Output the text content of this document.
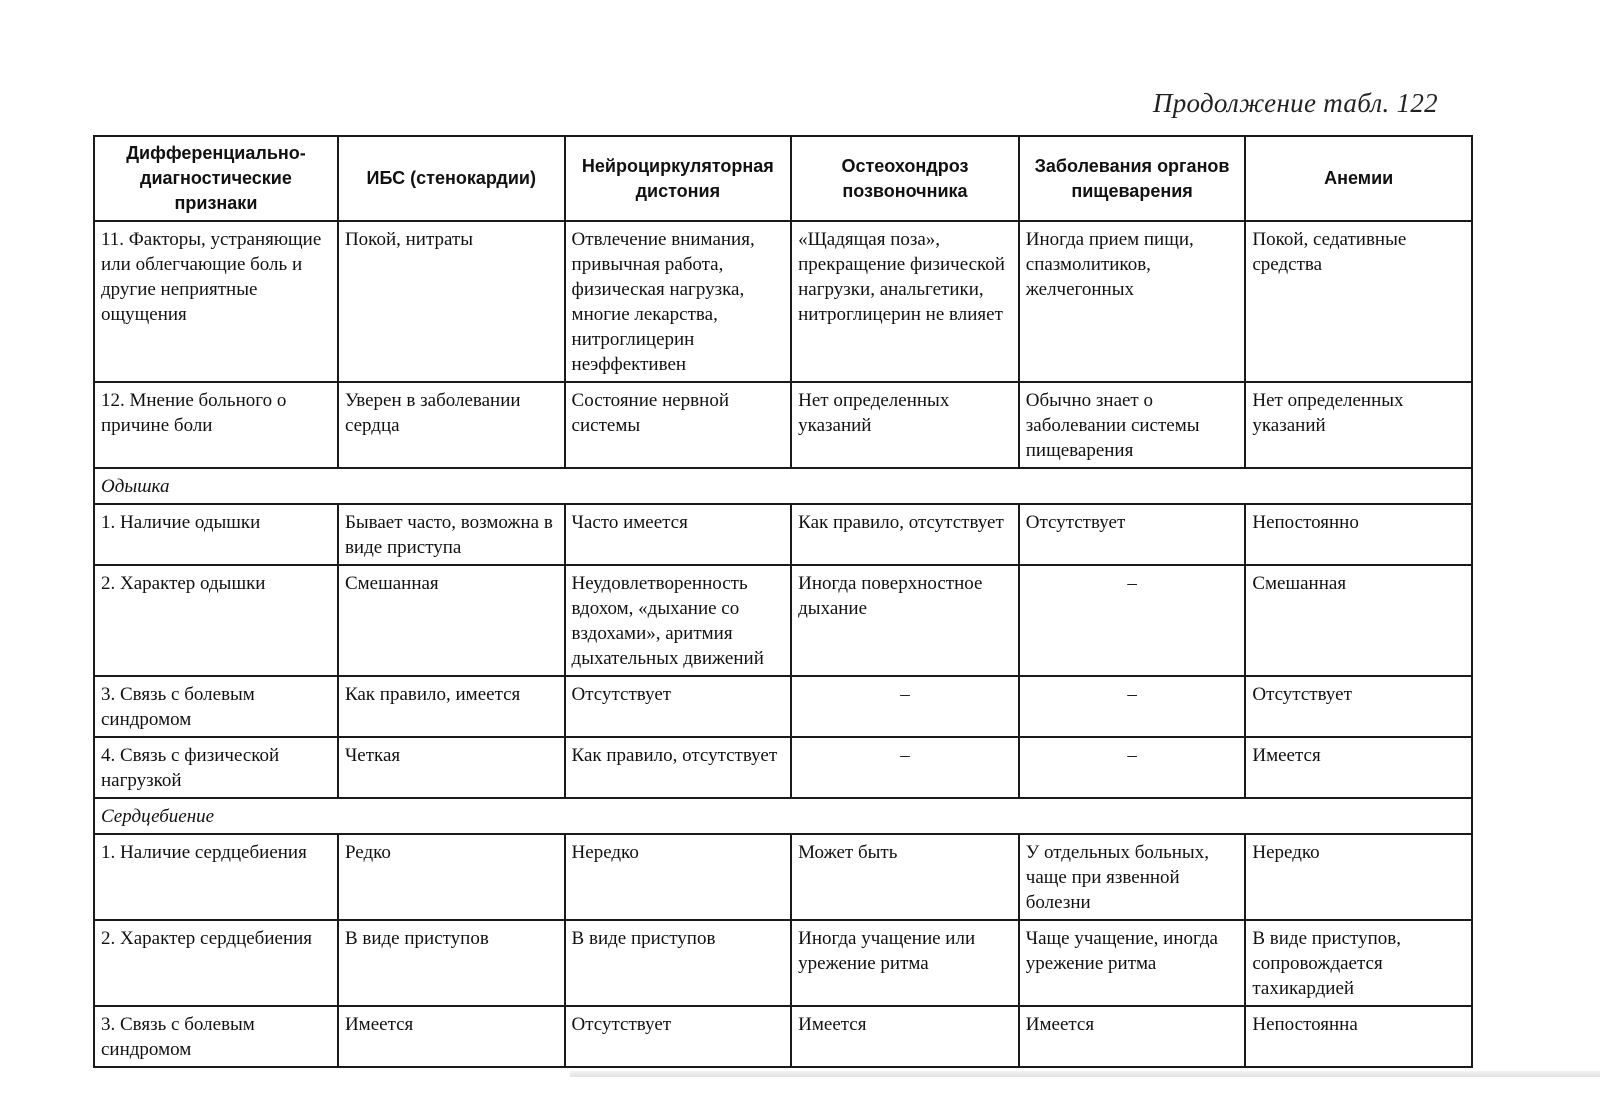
Продолжение табл. 122
Дифференциально-диагностические признаки	ИБС (стенокардии)	Нейроциркуляторная дистония	Остеохондроз позвоночника	Заболевания органов пищеварения	Анемии
11. Факторы, устраняющие или облегчающие боль и другие неприятные ощущения	Покой, нитраты	Отвлечение внимания, привычная работа, физическая нагрузка, многие лекарства, нитроглицерин неэффективен	«Щадящая поза», прекращение физической нагрузки, анальгетики, нитроглицерин не влияет	Иногда прием пищи, спазмолитиков, желчегонных	Покой, седативные средства
12. Мнение больного о причине боли	Уверен в заболевании сердца	Состояние нервной системы	Нет определенных указаний	Обычно знает о заболевании системы пищеварения	Нет определенных указаний
Одышка					
1. Наличие одышки	Бывает часто, возможна в виде приступа	Часто имеется	Как правило, отсутствует	Отсутствует	Непостоянно
2. Характер одышки	Смешанная	Неудовлетворенность вдохом, «дыхание со вздохами», аритмия дыхательных движений	Иногда поверхностное дыхание	–	Смешанная
3. Связь с болевым синдромом	Как правило, имеется	Отсутствует	–	–	Отсутствует
4. Связь с физической нагрузкой	Четкая	Как правило, отсутствует	–	–	Имеется
Сердцебиение					
1. Наличие сердцебиения	Редко	Нередко	Может быть	У отдельных больных, чаще при язвенной болезни	Нередко
2. Характер сердцебиения	В виде приступов	В виде приступов	Иногда учащение или урежение ритма	Чаще учащение, иногда урежение ритма	В виде приступов, сопровождается тахикардией
3. Связь с болевым синдромом	Имеется	Отсутствует	Имеется	Имеется	Непостоянна
